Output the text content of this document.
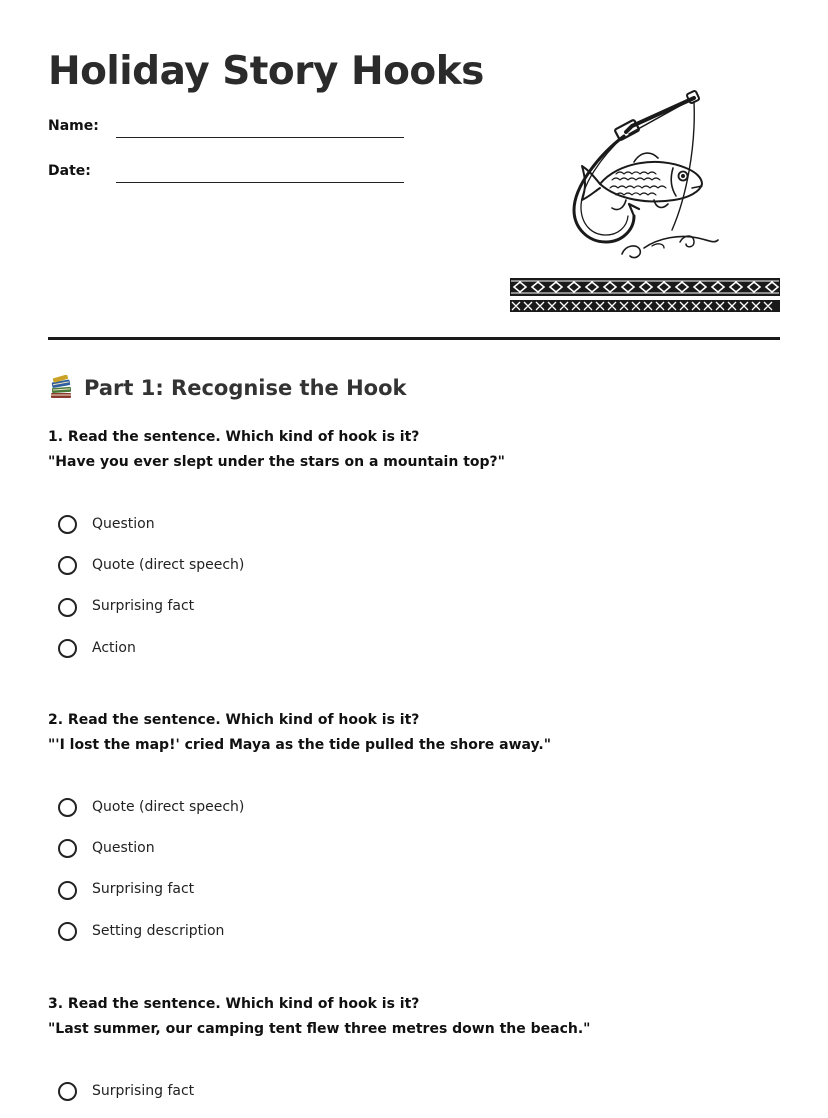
Holiday Story Hooks
Name:
Date:
Part 1: Recognise the Hook
1. Read the sentence. Which kind of hook is it?
"Have you ever slept under the stars on a mountain top?"
Question
Quote (direct speech)
Surprising fact
Action
2. Read the sentence. Which kind of hook is it?
"'I lost the map!' cried Maya as the tide pulled the shore away."
Quote (direct speech)
Question
Surprising fact
Setting description
3. Read the sentence. Which kind of hook is it?
"Last summer, our camping tent flew three metres down the beach."
Surprising fact
